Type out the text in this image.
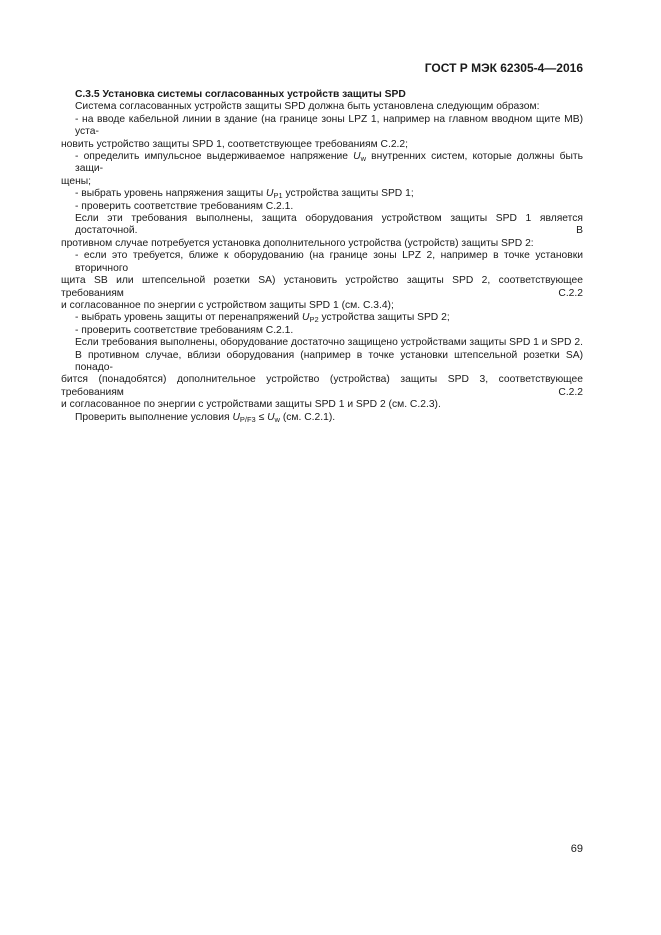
ГОСТ Р МЭК 62305-4—2016
С.3.5 Установка системы согласованных устройств защиты SPD
Система согласованных устройств защиты SPD должна быть установлена следующим образом:
- на вводе кабельной линии в здание (на границе зоны LPZ 1, например на главном вводном щите МВ) уста-
новить устройство защиты SPD 1, соответствующее требованиям С.2.2;
- определить импульсное выдерживаемое напряжение $U_w$ внутренних систем, которые должны быть защи-
щены;
- выбрать уровень напряжения защиты $U_{P1}$ устройства защиты SPD 1;
- проверить соответствие требованиям С.2.1.
Если эти требования выполнены, защита оборудования устройством защиты SPD 1 является достаточной. В
противном случае потребуется установка дополнительного устройства (устройств) защиты SPD 2:
- если это требуется, ближе к оборудованию (на границе зоны LPZ 2, например в точке установки вторичного
щита SB или штепсельной розетки SA) установить устройство защиты SPD 2, соответствующее требованиям С.2.2
и согласованное по энергии с устройством защиты SPD 1 (см. С.3.4);
- выбрать уровень защиты от перенапряжений $U_{P2}$ устройства защиты SPD 2;
- проверить соответствие требованиям С.2.1.
Если требования выполнены, оборудование достаточно защищено устройствами защиты SPD 1 и SPD 2.
В противном случае, вблизи оборудования (например в точке установки штепсельной розетки SA) понадо-
бится (понадобятся) дополнительное устройство (устройства) защиты SPD 3, соответствующее требованиям С.2.2
и согласованное по энергии с устройствами защиты SPD 1 и SPD 2 (см. С.2.3).
Проверить выполнение условия $U_{P/F3} \le U_w$ (см. С.2.1).
69
